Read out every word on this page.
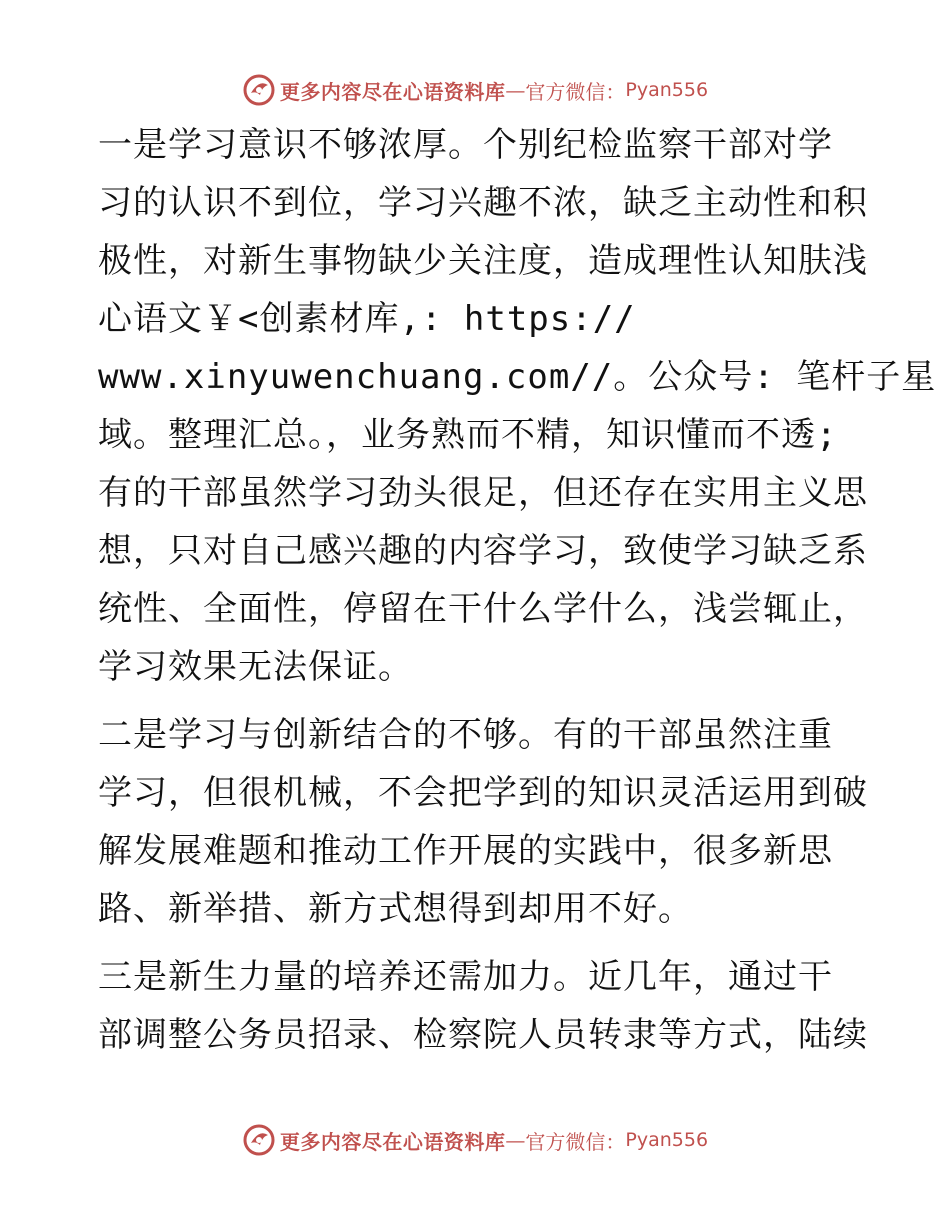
更多内容尽在心语资料库 — 官方微信： Pyan556
一是学习意识不够浓厚。个别纪检监察干部对学
习的认识不到位，学习兴趣不浓，缺乏主动性和积
极性，对新生事物缺少关注度，造成理性认知肤浅
心语文￥<创素材库,: https://
www.xinyuwenchuang.com//。公众号: 笔杆子星
域。整理汇总。，业务熟而不精，知识懂而不透;
有的干部虽然学习劲头很足，但还存在实用主义思
想，只对自己感兴趣的内容学习，致使学习缺乏系
统性、全面性，停留在干什么学什么，浅尝辄止，
学习效果无法保证。
二是学习与创新结合的不够。有的干部虽然注重
学习，但很机械，不会把学到的知识灵活运用到破
解发展难题和推动工作开展的实践中，很多新思
路、新举措、新方式想得到却用不好。
三是新生力量的培养还需加力。近几年，通过干
部调整公务员招录、检察院人员转隶等方式，陆续
更多内容尽在心语资料库 — 官方微信： Pyan556
